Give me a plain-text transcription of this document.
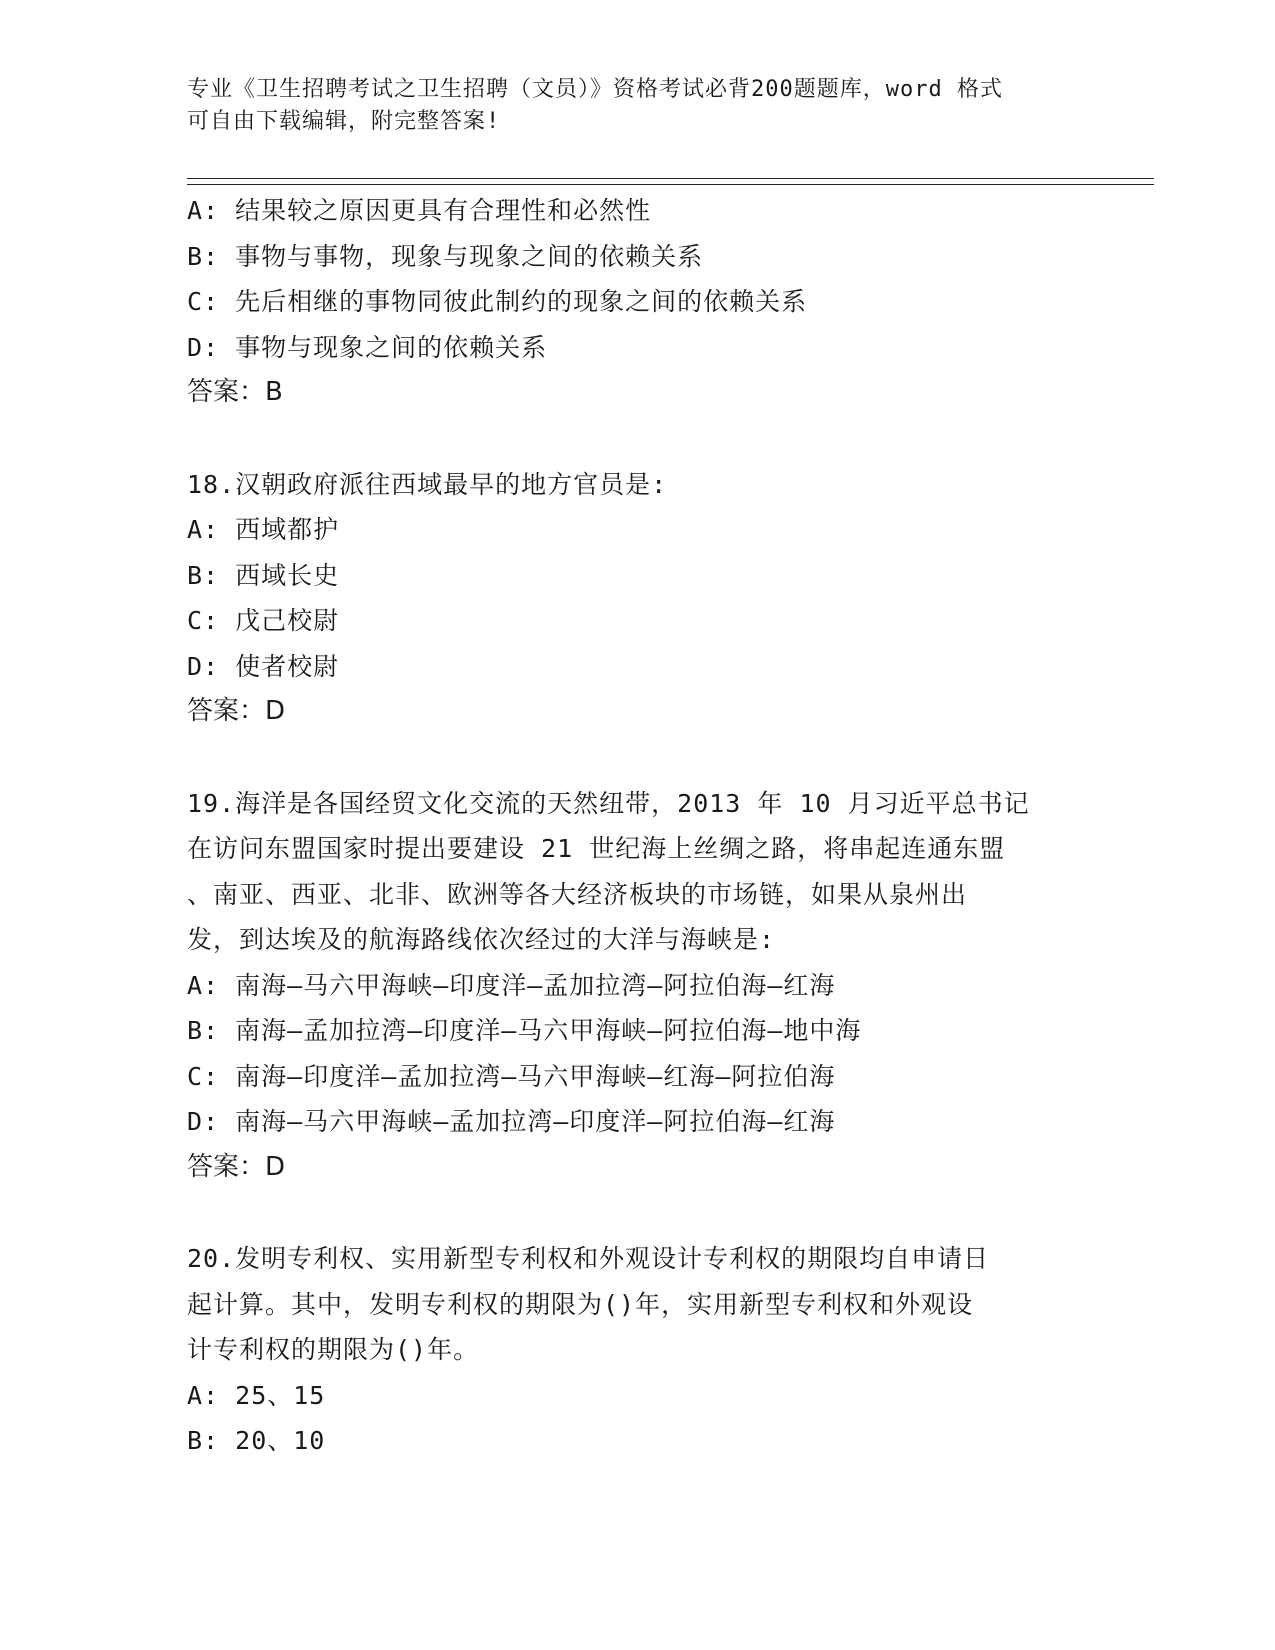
专业《卫生招聘考试之卫生招聘（文员）》资格考试必背200题题库，word 格式
可自由下载编辑，附完整答案!
A: 结果较之原因更具有合理性和必然性
B: 事物与事物，现象与现象之间的依赖关系
C: 先后相继的事物同彼此制约的现象之间的依赖关系
D: 事物与现象之间的依赖关系
答案：B
18.汉朝政府派往西域最早的地方官员是:
A: 西域都护
B: 西域长史
C: 戊己校尉
D: 使者校尉
答案：D
19.海洋是各国经贸文化交流的天然纽带，2013 年 10 月习近平总书记
在访问东盟国家时提出要建设 21 世纪海上丝绸之路，将串起连通东盟
、南亚、西亚、北非、欧洲等各大经济板块的市场链，如果从泉州出
发，到达埃及的航海路线依次经过的大洋与海峡是:
A: 南海—马六甲海峡—印度洋—孟加拉湾—阿拉伯海—红海
B: 南海—孟加拉湾—印度洋—马六甲海峡—阿拉伯海—地中海
C: 南海—印度洋—孟加拉湾—马六甲海峡—红海—阿拉伯海
D: 南海—马六甲海峡—孟加拉湾—印度洋—阿拉伯海—红海
答案：D
20.发明专利权、实用新型专利权和外观设计专利权的期限均自申请日
起计算。其中，发明专利权的期限为()年，实用新型专利权和外观设
计专利权的期限为()年。
A: 25、15
B: 20、10
